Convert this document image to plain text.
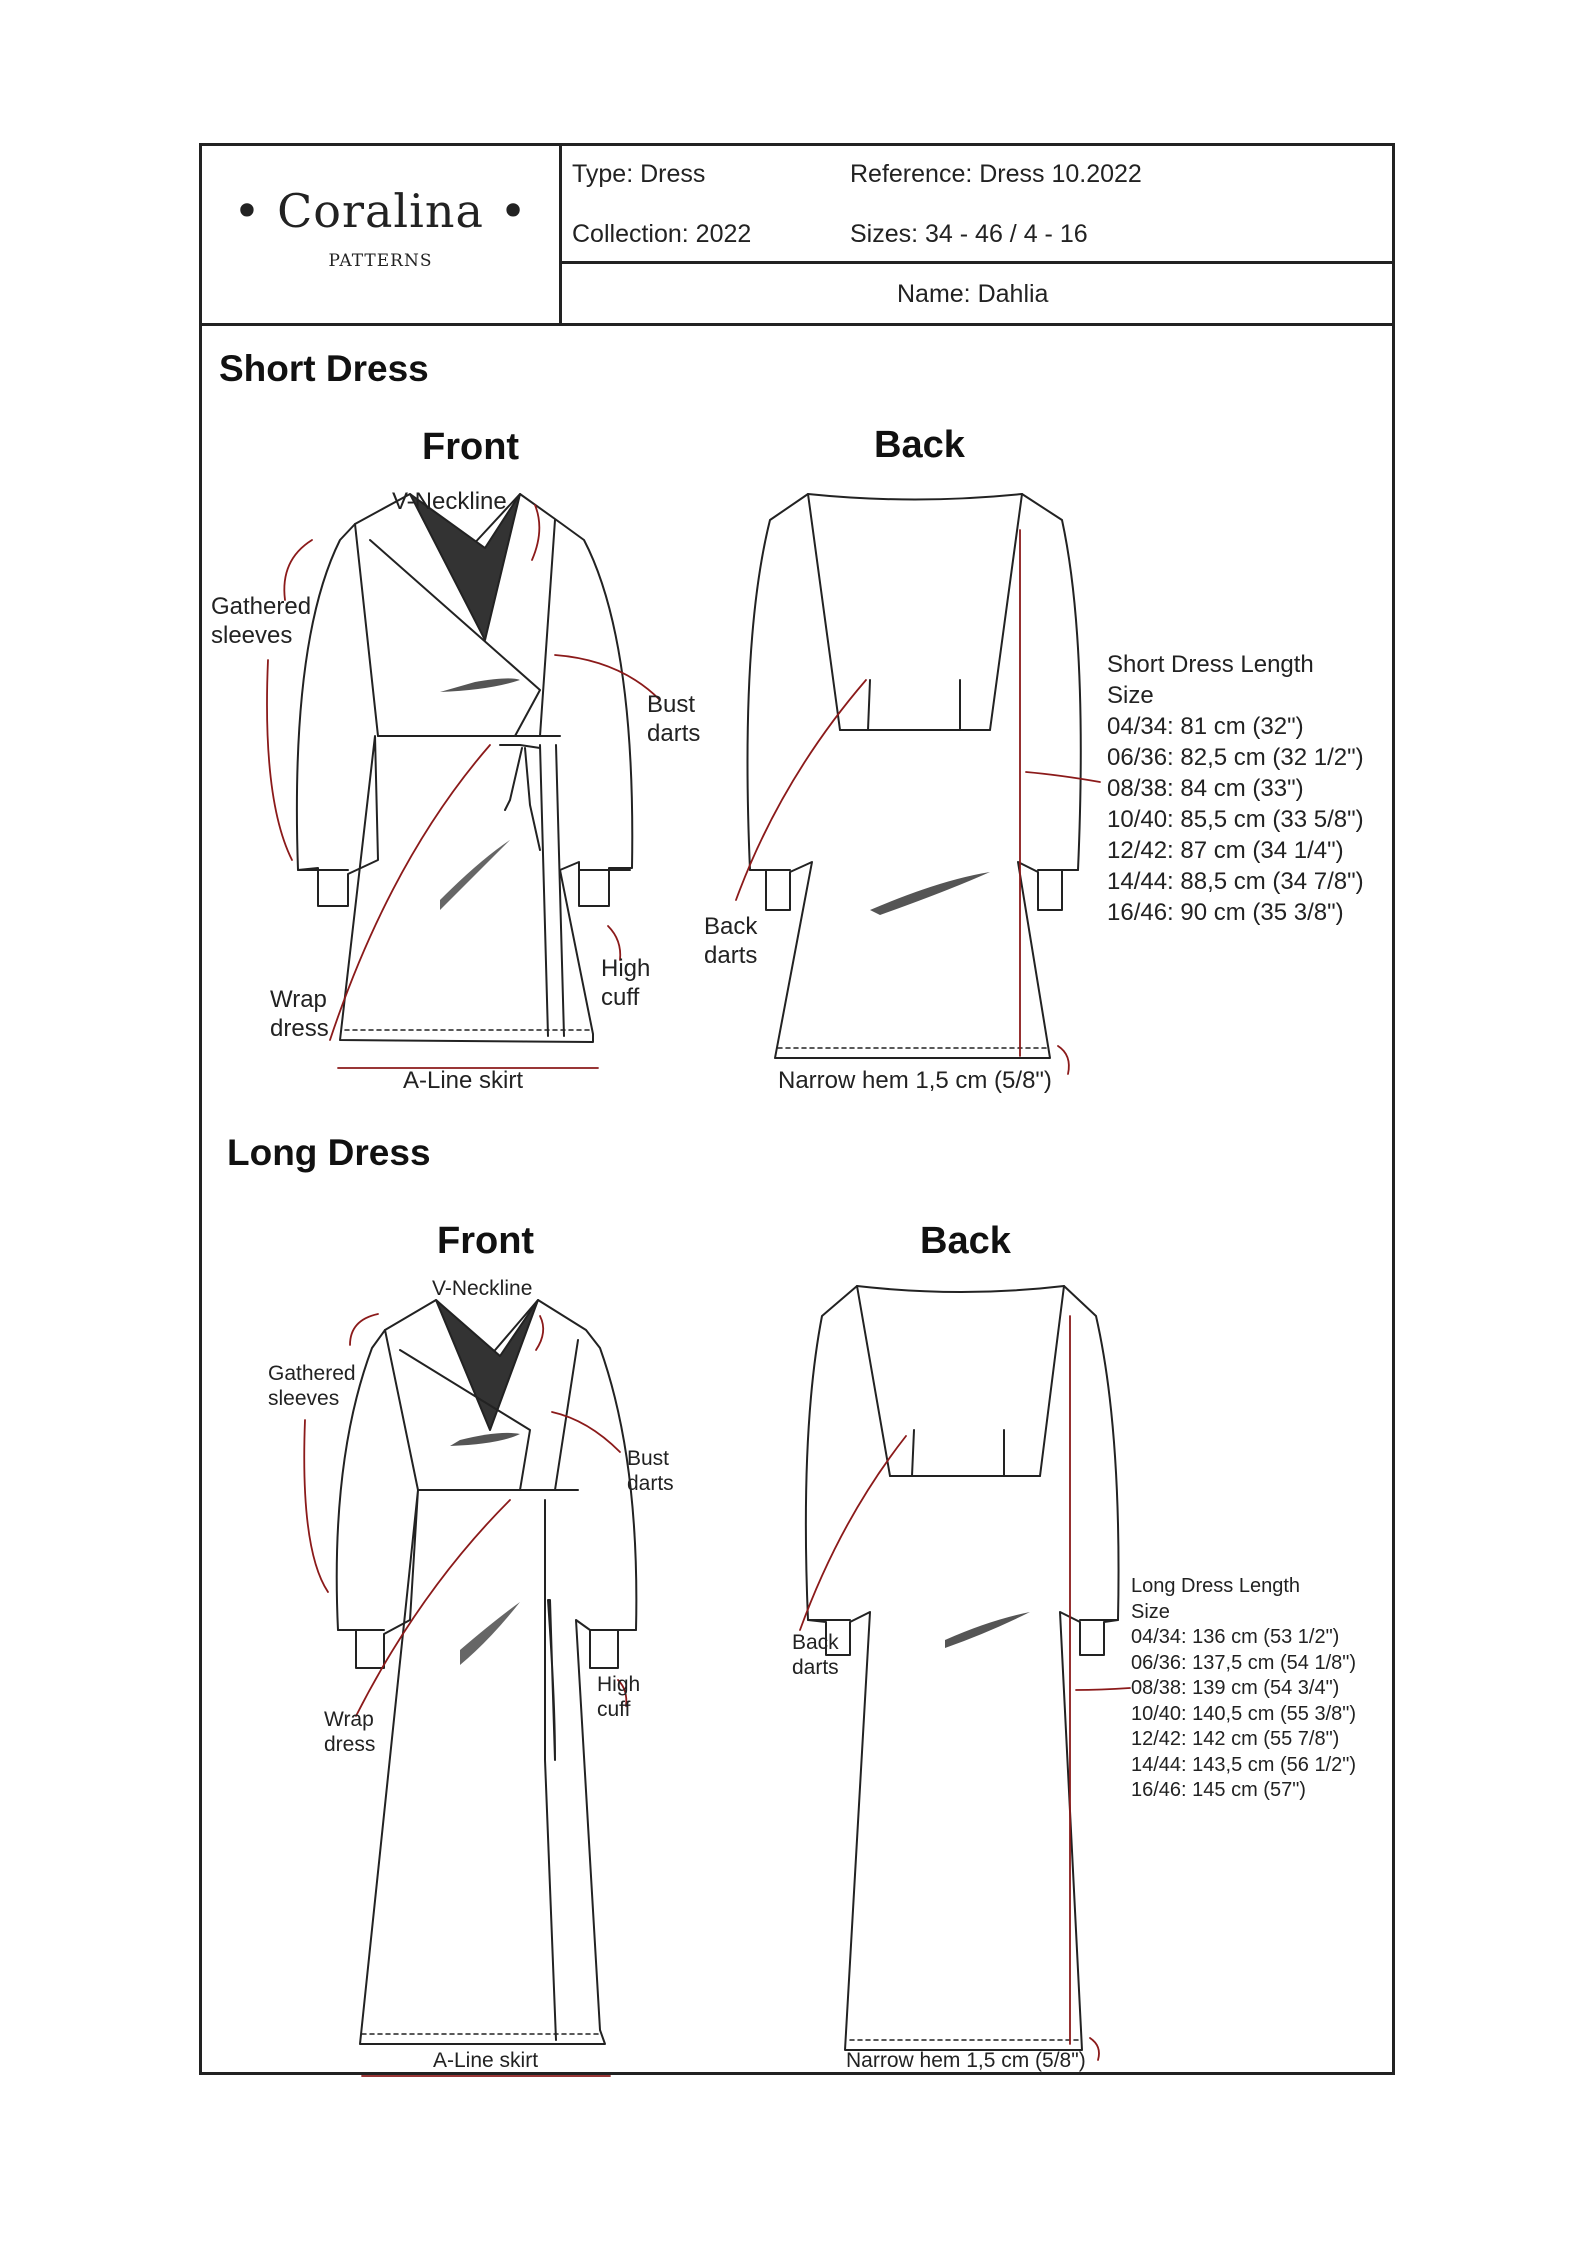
• Coralina •
PATTERNS
Type: Dress	Reference: Dress 10.2022
Collection: 2022	Sizes: 34 - 46 / 4 - 16
Name: Dahlia
Short Dress
Front	Back
V-Neckline
Gathered
sleeves
Bust
darts
Wrap
dress
High
cuff
A-Line skirt
Back
darts
Narrow hem 1,5 cm (5/8")
Short Dress Length
Size
04/34: 81 cm (32")
06/36: 82,5 cm (32 1/2")
08/38: 84 cm (33")
10/40: 85,5 cm (33 5/8")
12/42: 87 cm (34 1/4")
14/44: 88,5 cm (34 7/8")
16/46: 90 cm (35 3/8")
Long Dress
Front	Back
V-Neckline
Gathered
sleeves
Bust
darts
Wrap
dress
High
cuff
A-Line skirt
Back
darts
Narrow hem 1,5 cm (5/8")
Long Dress Length
Size
04/34: 136 cm (53 1/2")
06/36: 137,5 cm (54 1/8")
08/38: 139 cm (54 3/4")
10/40: 140,5 cm (55 3/8")
12/42: 142 cm (55 7/8")
14/44: 143,5 cm (56 1/2")
16/46: 145 cm (57")
